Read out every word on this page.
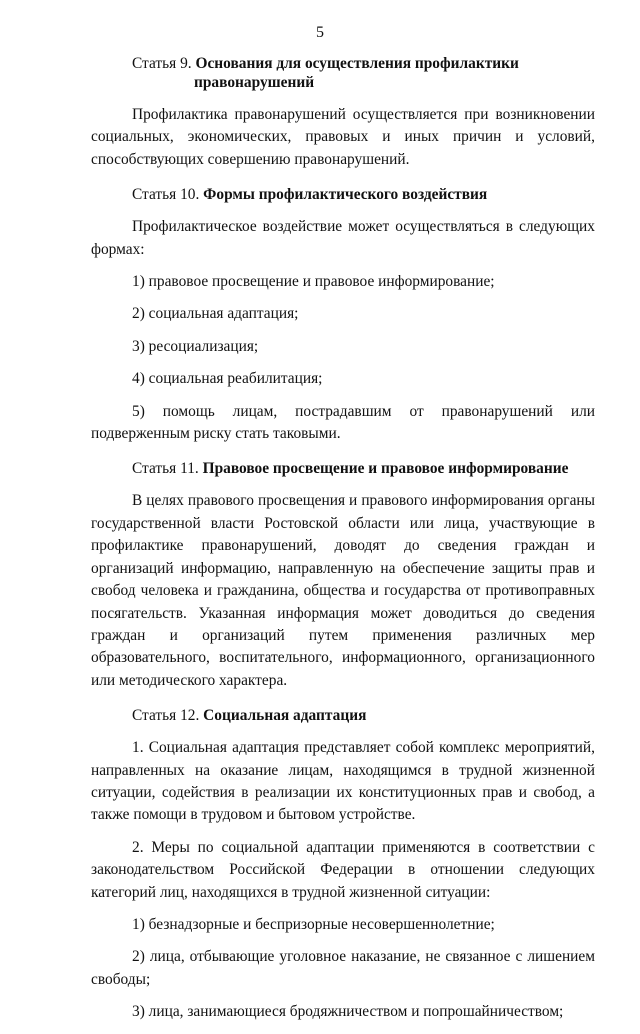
5
Статья 9. Основания для осуществления профилактики
правонарушений

Профилактика правонарушений осуществляется при возникновении социальных, экономических, правовых и иных причин и условий, способствующих совершению правонарушений.

Статья 10. Формы профилактического воздействия

Профилактическое воздействие может осуществляться в следующих формах:

1) правовое просвещение и правовое информирование;

2) социальная адаптация;

3) ресоциализация;

4) социальная реабилитация;

5) помощь лицам, пострадавшим от правонарушений или подверженным риску стать таковыми.

Статья 11. Правовое просвещение и правовое информирование

В целях правового просвещения и правового информирования органы государственной власти Ростовской области или лица, участвующие в профилактике правонарушений, доводят до сведения граждан и организаций информацию, направленную на обеспечение защиты прав и свобод человека и гражданина, общества и государства от противоправных посягательств. Указанная информация может доводиться до сведения граждан и организаций путем применения различных мер образовательного, воспитательного, информационного, организационного или методического характера.

Статья 12. Социальная адаптация

1. Социальная адаптация представляет собой комплекс мероприятий, направленных на оказание лицам, находящимся в трудной жизненной ситуации, содействия в реализации их конституционных прав и свобод, а также помощи в трудовом и бытовом устройстве.

2. Меры по социальной адаптации применяются в соответствии с законодательством Российской Федерации в отношении следующих категорий лиц, находящихся в трудной жизненной ситуации:

1) безнадзорные и беспризорные несовершеннолетние;

2) лица, отбывающие уголовное наказание, не связанное с лишением свободы;

3) лица, занимающиеся бродяжничеством и попрошайничеством;
